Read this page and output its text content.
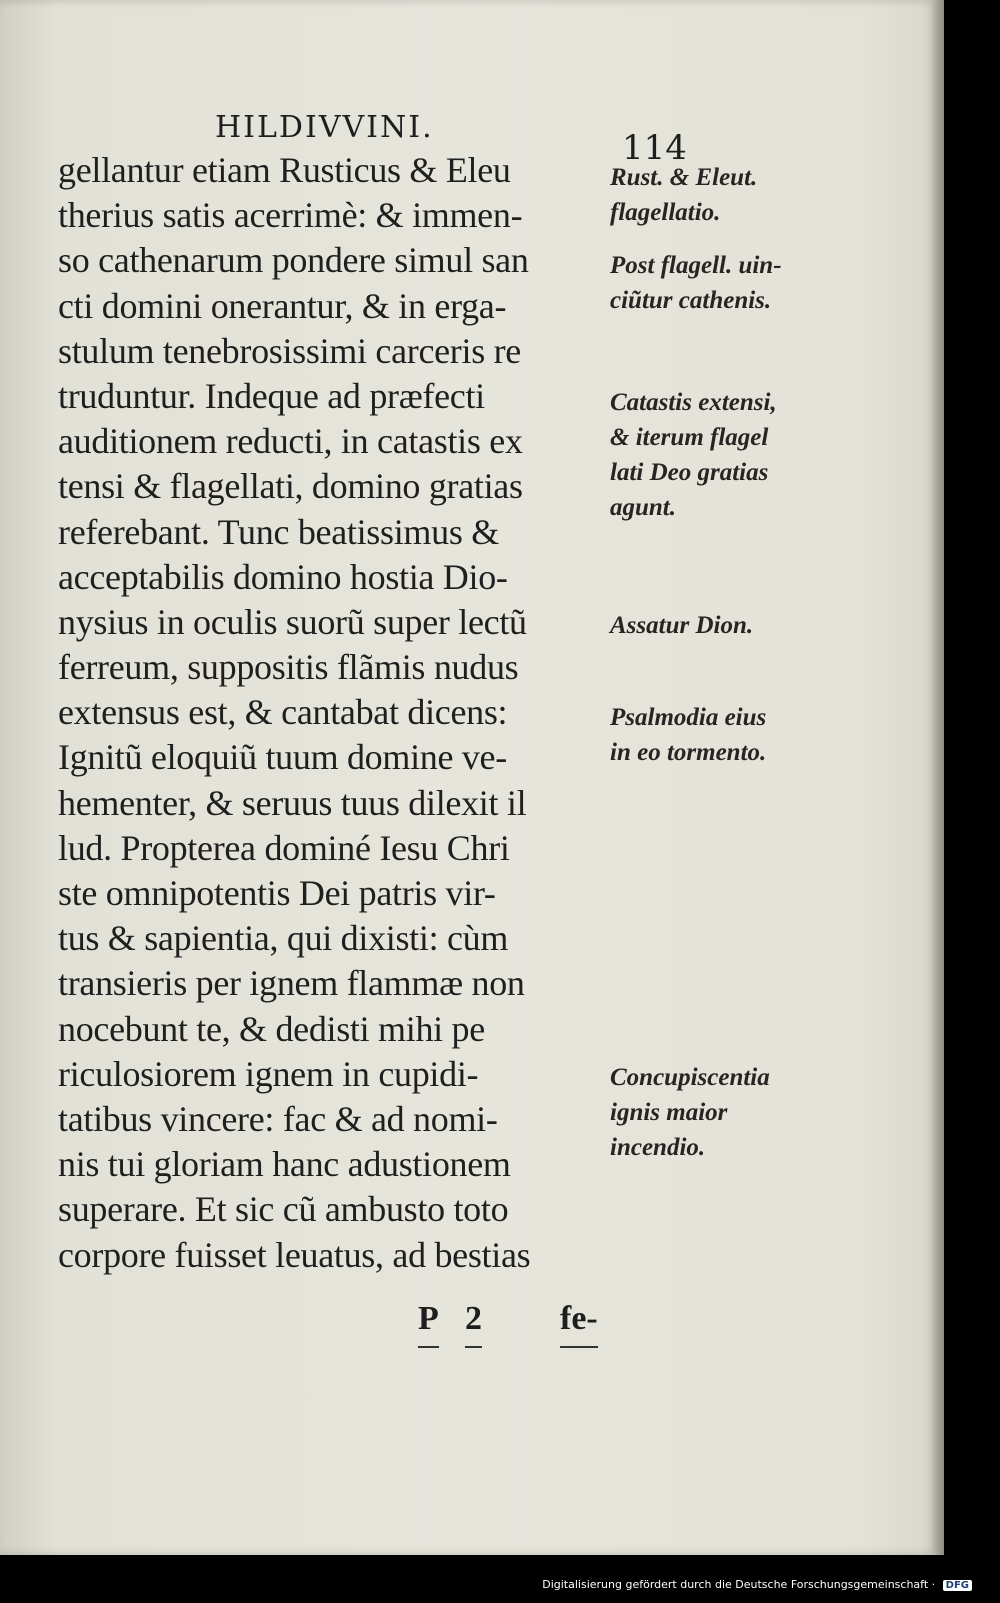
HILDIVVINI.
114
gellantur etiam Rusticus & Eleu
therius satis acerrimè: & immen-
so cathenarum pondere simul san
cti domini onerantur, & in erga-
stulum tenebrosissimi carceris re
truduntur. Indeque ad præfecti
auditionem reducti, in catastis ex
tensi & flagellati, domino gratias
referebant. Tunc beatissimus &
acceptabilis domino hostia Dio-
nysius in oculis suorũ super lectũ
ferreum, suppositis flãmis nudus
extensus est, & cantabat dicens:
Ignitũ eloquiũ tuum domine ve-
hementer, & seruus tuus dilexit il
lud. Propterea dominé Iesu Chri
ste omnipotentis Dei patris vir-
tus & sapientia, qui dixisti: cùm
transieris per ignem flammæ non
nocebunt te, & dedisti mihi pe
riculosiorem ignem in cupidi-
tatibus vincere: fac & ad nomi-
nis tui gloriam hanc adustionem
superare. Et sic cũ ambusto toto
corpore fuisset leuatus, ad bestias
Rust. & Eleut.
flagellatio.
Post flagell. uin-
ciũtur cathenis.
Catastis extensi,
& iterum flagel
lati Deo gratias
agunt.
Assatur Dion.
Psalmodia eius
in eo tormento.
Concupiscentia
ignis maior
incendio.
P 2 fe-
Digitalisierung gefördert durch die Deutsche Forschungsgemeinschaft · DFG
